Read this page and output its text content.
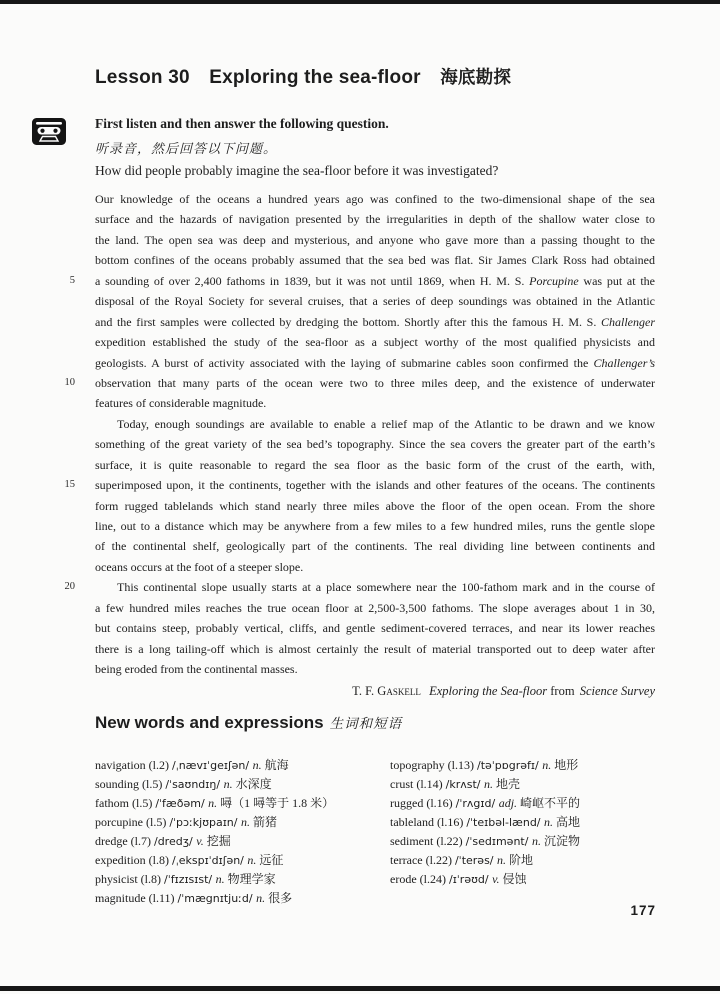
Lesson 30 Exploring the sea-floor 海底勘探
First listen and then answer the following question.
听录音，然后回答以下问题。
How did people probably imagine the sea-floor before it was investigated?
Our knowledge of the oceans a hundred years ago was confined to the two-dimensional shape of the sea
surface and the hazards of navigation presented by the irregularities in depth of the shallow water close to
the land. The open sea was deep and mysterious, and anyone who gave more than a passing thought to the
bottom confines of the oceans probably assumed that the sea bed was flat. Sir James Clark Ross had obtained
5 a sounding of over 2,400 fathoms in 1839, but it was not until 1869, when H. M. S. Porcupine was put at the
disposal of the Royal Society for several cruises, that a series of deep soundings was obtained in the Atlantic
and the first samples were collected by dredging the bottom. Shortly after this the famous H. M. S. Challenger
expedition established the study of the sea-floor as a subject worthy of the most qualified physicists and
geologists. A burst of activity associated with the laying of submarine cables soon confirmed the Challenger’s
10 observation that many parts of the ocean were two to three miles deep, and the existence of underwater
features of considerable magnitude.
Today, enough soundings are available to enable a relief map of the Atlantic to be drawn and we know
something of the great variety of the sea bed’s topography. Since the sea covers the greater part of the earth’s
surface, it is quite reasonable to regard the sea floor as the basic form of the crust of the earth, with,
15 superimposed upon, it the continents, together with the islands and other features of the oceans. The continents
form rugged tablelands which stand nearly three miles above the floor of the open ocean. From the shore
line, out to a distance which may be anywhere from a few miles to a few hundred miles, runs the gentle slope
of the continental shelf, geologically part of the continents. The real dividing line between continents and
oceans occurs at the foot of a steeper slope.
20	This continental slope usually starts at a place somewhere near the 100-fathom mark and in the course of
a few hundred miles reaches the true ocean floor at 2,500-3,500 fathoms. The slope averages about 1 in 30,
but contains steep, probably vertical, cliffs, and gentle sediment-covered terraces, and near its lower reaches
there is a long tailing-off which is almost certainly the result of material transported out to deep water after
being eroded from the continental masses.
T. F. Gaskell Exploring the Sea-floor from Science Survey
New words and expressions 生词和短语
navigation (l.2) /ˌnævɪˈgeɪʃən/ n. 航海
sounding (l.5) /ˈsaʊndɪŋ/ n. 水深度
fathom (l.5) /ˈfæðəm/ n. 噚（1 噚等于 1.8 米）
porcupine (l.5) /ˈpɔːkjʊpaɪn/ n. 箭猪
dredge (l.7) /dredʒ/ v. 挖掘
expedition (l.8) /ˌekspɪˈdɪʃən/ n. 远征
physicist (l.8) /ˈfɪzɪsɪst/ n. 物理学家
magnitude (l.11) /ˈmægnɪtjuːd/ n. 很多
topography (l.13) /təˈpɒgrəfɪ/ n. 地形
crust (l.14) /krʌst/ n. 地壳
rugged (l.16) /ˈrʌgɪd/ adj. 崎岖不平的
tableland (l.16) /ˈteɪbəl-lænd/ n. 高地
sediment (l.22) /ˈsedɪmənt/ n. 沉淀物
terrace (l.22) /ˈterəs/ n. 阶地
erode (l.24) /ɪˈrəʊd/ v. 侵蚀
177
